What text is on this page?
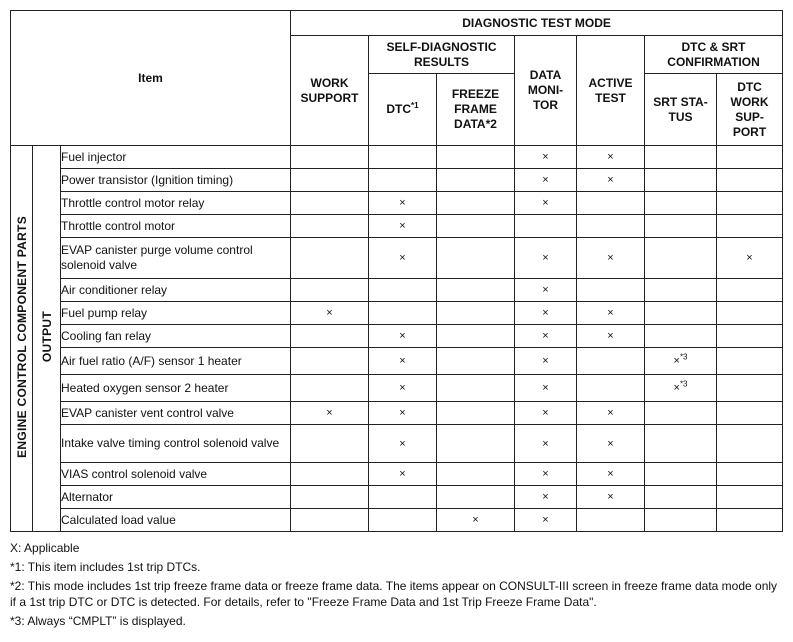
Item			DIAGNOSTIC TEST MODE						
			WORK SUPPORT	SELF-DIAGNOSTIC RESULTS		DATA MONI- TOR	ACTIVE TEST	DTC & SRT CONFIRMATION	
				DTC$^{*1}$	FREEZE FRAME DATA*2			SRT STA- TUS	DTC WORK SUP- PORT
ENGINE CONTROL COMPONENT PARTS	OUTPUT	Fuel injector				×	×		
		Power transistor (Ignition timing)				×	×		
		Throttle control motor relay		×		×			
		Throttle control motor		×					
		EVAP canister purge volume control solenoid valve		×		×	×		×
		Air conditioner relay				×			
		Fuel pump relay	×			×	×		
		Cooling fan relay		×		×	×		
		Air fuel ratio (A/F) sensor 1 heater		×		×		×$^{*3}$	
		Heated oxygen sensor 2 heater		×		×		×$^{*3}$	
		EVAP canister vent control valve	×	×		×	×		
		Intake valve timing control solenoid valve		×		×	×		
		VIAS control solenoid valve		×		×	×		
		Alternator				×	×		
		Calculated load value			×	×			

X: Applicable

*1: This item includes 1st trip DTCs.

*2: This mode includes 1st trip freeze frame data or freeze frame data. The items appear on CONSULT-III screen in freeze frame data mode only if a 1st trip DTC or DTC is detected. For details, refer to "Freeze Frame Data and 1st Trip Freeze Frame Data".

*3: Always “CMPLT” is displayed.
